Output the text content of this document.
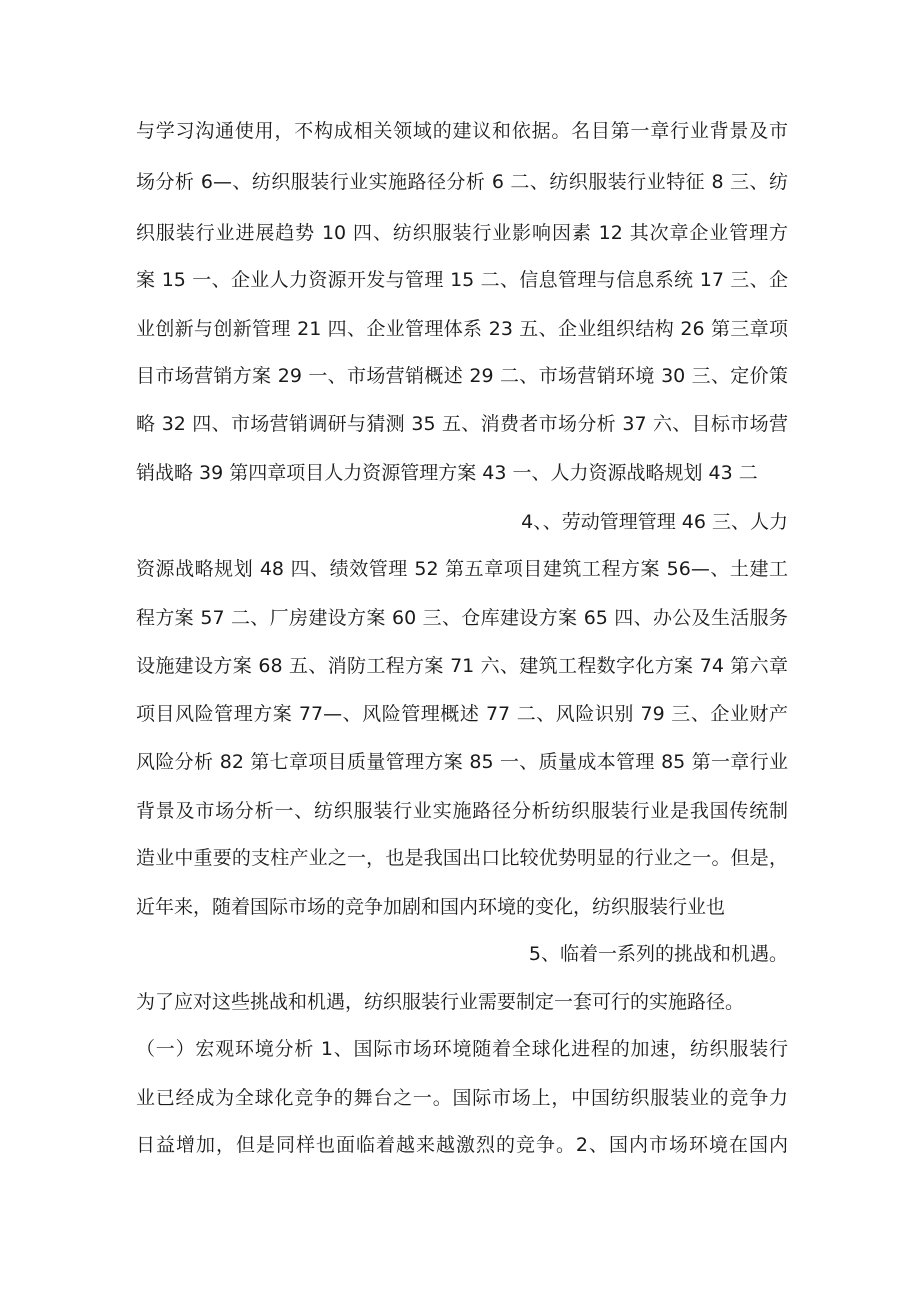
与学习沟通使用，不构成相关领域的建议和依据。名目第一章行业背景及市
场分析 6—、纺织服装行业实施路径分析 6 二、纺织服装行业特征 8 三、纺
织服装行业进展趋势 10 四、纺织服装行业影响因素 12 其次章企业管理方
案 15 一、企业人力资源开发与管理 15 二、信息管理与信息系统 17 三、企
业创新与创新管理 21 四、企业管理体系 23 五、企业组织结构 26 第三章项
目市场营销方案 29 一、市场营销概述 29 二、市场营销环境 30 三、定价策
略 32 四、市场营销调研与猜测 35 五、消费者市场分析 37 六、目标市场营
销战略 39 第四章项目人力资源管理方案 43 一、人力资源战略规划 43 二
4、、劳动管理管理 46 三、人力
资源战略规划 48 四、绩效管理 52 第五章项目建筑工程方案 56—、土建工
程方案 57 二、厂房建设方案 60 三、仓库建设方案 65 四、办公及生活服务
设施建设方案 68 五、消防工程方案 71 六、建筑工程数字化方案 74 第六章
项目风险管理方案 77—、风险管理概述 77 二、风险识别 79 三、企业财产
风险分析 82 第七章项目质量管理方案 85 一、质量成本管理 85 第一章行业
背景及市场分析一、纺织服装行业实施路径分析纺织服装行业是我国传统制
造业中重要的支柱产业之一，也是我国出口比较优势明显的行业之一。但是，
近年来，随着国际市场的竞争加剧和国内环境的变化，纺织服装行业也
5、临着一系列的挑战和机遇。
为了应对这些挑战和机遇，纺织服装行业需要制定一套可行的实施路径。
（一）宏观环境分析 1、国际市场环境随着全球化进程的加速，纺织服装行
业已经成为全球化竞争的舞台之一。国际市场上，中国纺织服装业的竞争力
日益增加，但是同样也面临着越来越激烈的竞争。2、国内市场环境在国内
